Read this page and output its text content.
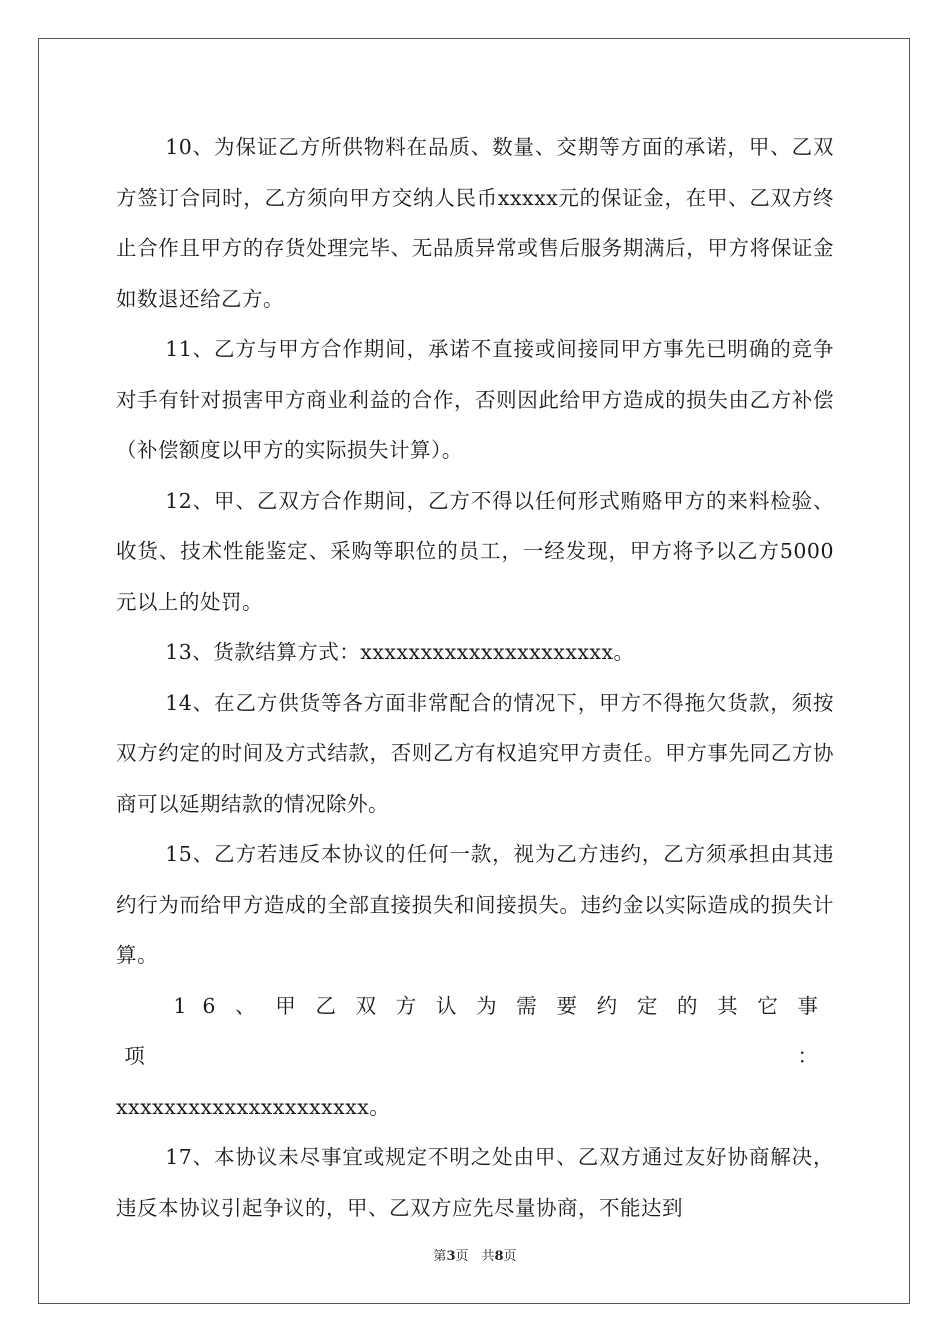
10、为保证乙方所供物料在品质、数量、交期等方面的承诺，甲、乙双方签订合同时，乙方须向甲方交纳人民币xxxxx元的保证金，在甲、乙双方终止合作且甲方的存货处理完毕、无品质异常或售后服务期满后，甲方将保证金如数退还给乙方。

11、乙方与甲方合作期间，承诺不直接或间接同甲方事先已明确的竞争对手有针对损害甲方商业利益的合作，否则因此给甲方造成的损失由乙方补偿（补偿额度以甲方的实际损失计算）。

12、甲、乙双方合作期间，乙方不得以任何形式贿赂甲方的来料检验、收货、技术性能鉴定、采购等职位的员工，一经发现，甲方将予以乙方5000元以上的处罚。

13、货款结算方式：xxxxxxxxxxxxxxxxxxxxx。

14、在乙方供货等各方面非常配合的情况下，甲方不得拖欠货款，须按双方约定的时间及方式结款，否则乙方有权追究甲方责任。甲方事先同乙方协商可以延期结款的情况除外。

15、乙方若违反本协议的任何一款，视为乙方违约，乙方须承担由其违约行为而给甲方造成的全部直接损失和间接损失。违约金以实际造成的损失计算。

16、甲乙双方认为需要约定的其它事项：

xxxxxxxxxxxxxxxxxxxxx。

17、本协议未尽事宜或规定不明之处由甲、乙双方通过友好协商解决，违反本协议引起争议的，甲、乙双方应先尽量协商，不能达到

第3页　共8页
